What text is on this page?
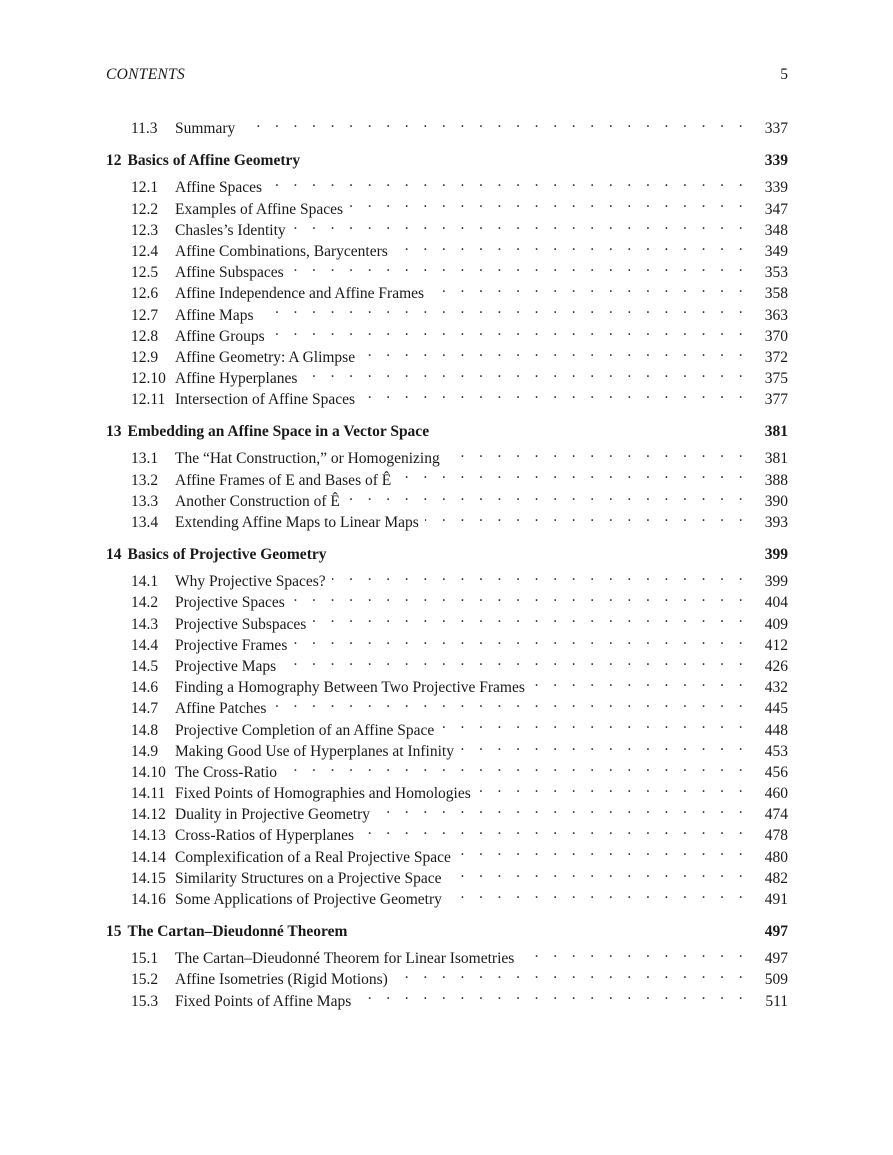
CONTENTS	5
11.3	Summary . . .	337
12 Basics of Affine Geometry	339
12.1	Affine Spaces . . .	339
12.2	Examples of Affine Spaces . . .	347
12.3	Chasles’s Identity . . .	348
12.4	Affine Combinations, Barycenters . . .	349
12.5	Affine Subspaces . . .	353
12.6	Affine Independence and Affine Frames . . .	358
12.7	Affine Maps . . .	363
12.8	Affine Groups . . .	370
12.9	Affine Geometry: A Glimpse . . .	372
12.10 Affine Hyperplanes . . .	375
12.11 Intersection of Affine Spaces . . .	377
13 Embedding an Affine Space in a Vector Space	381
13.1	The “Hat Construction,” or Homogenizing . . .	381
13.2	Affine Frames of E and Bases of Ê . . .	388
13.3	Another Construction of Ê . . .	390
13.4	Extending Affine Maps to Linear Maps . . .	393
14 Basics of Projective Geometry	399
14.1	Why Projective Spaces? . . .	399
14.2	Projective Spaces . . .	404
14.3	Projective Subspaces . . .	409
14.4	Projective Frames . . .	412
14.5	Projective Maps . . .	426
14.6	Finding a Homography Between Two Projective Frames . . .	432
14.7	Affine Patches . . .	445
14.8	Projective Completion of an Affine Space . . .	448
14.9	Making Good Use of Hyperplanes at Infinity . . .	453
14.10 The Cross-Ratio . . .	456
14.11 Fixed Points of Homographies and Homologies . . .	460
14.12 Duality in Projective Geometry . . .	474
14.13 Cross-Ratios of Hyperplanes . . .	478
14.14 Complexification of a Real Projective Space . . .	480
14.15 Similarity Structures on a Projective Space . . .	482
14.16 Some Applications of Projective Geometry . . .	491
15 The Cartan–Dieudonné Theorem	497
15.1	The Cartan–Dieudonné Theorem for Linear Isometries . . .	497
15.2	Affine Isometries (Rigid Motions) . . .	509
15.3	Fixed Points of Affine Maps . . .	511
